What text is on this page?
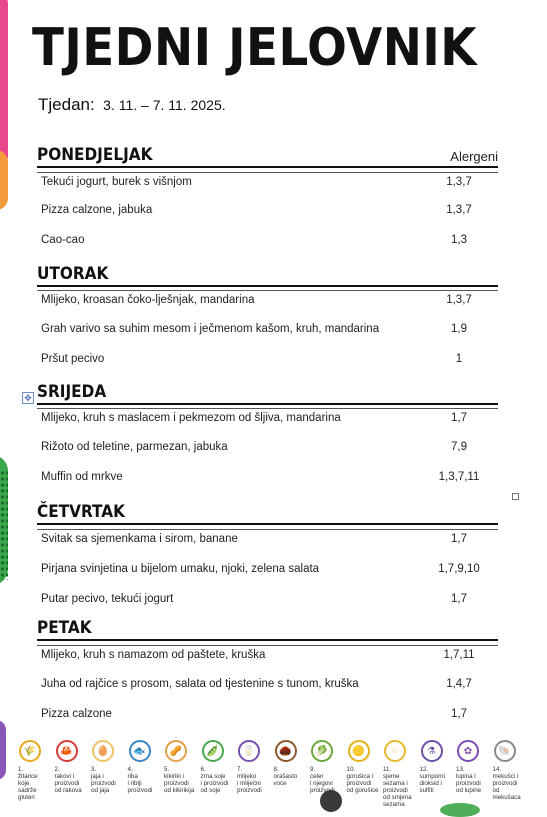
TJEDNI JELOVNIK
Tjedan: 3. 11. – 7. 11. 2025.
PONEDJELJAK	Alergeni
Tekući jogurt, burek s višnjom	1,3,7
Pizza calzone, jabuka	1,3,7
Cao-cao	1,3
UTORAK
Mlijeko, kroasan čoko-lješnjak, mandarina	1,3,7
Grah varivo sa suhim mesom i ječmenom kašom, kruh, mandarina	1,9
Pršut pecivo	1
✥ SRIJEDA
Mlijeko, kruh s maslacem i pekmezom od šljiva, mandarina	1,7
Rižoto od teletine, parmezan, jabuka	7,9
Muffin od mrkve	1,3,7,11
ČETVRTAK
Svitak sa sjemenkama i sirom, banane	1,7
Pirjana svinjetina u bijelom umaku, njoki, zelena salata	1,7,9,10
Putar pecivo, tekući jogurt	1,7
PETAK
Mlijeko, kruh s namazom od paštete, kruška	1,7,11
Juha od rajčice s prosom, salata od tjestenine s tunom, kruška	1,4,7
Pizza calzone	1,7
🌾
1.
žitarice
koje
sadrže
gluten
🦀
2.
rakovi i
proizvodi
od rakova
🥚
3.
jaja i
proizvodi
od jaja
🐟
4.
riba
i riblji
proizvodi
🥜
5.
kikiriki i
proizvodi
od kikirikija
🫛
6.
zrna soje
i proizvodi
od soje
🥛
7.
mlijeko
i mliječni
proizvodi
🌰
8.
orašasto
voće
🥬
9.
celer
i njegovi
proizvodi
🟡
10.
gorušica i
proizvodi
od gorušice
⁘
11.
sjeme
sezama i
proizvodi
od smjena
sezama
⚗
12.
sumporni
dioksid i
sulfiti
✿
13.
lupina i
proizvodi
od lupine
🐚
14.
mekušci i
proizvodi
od mekušaca
